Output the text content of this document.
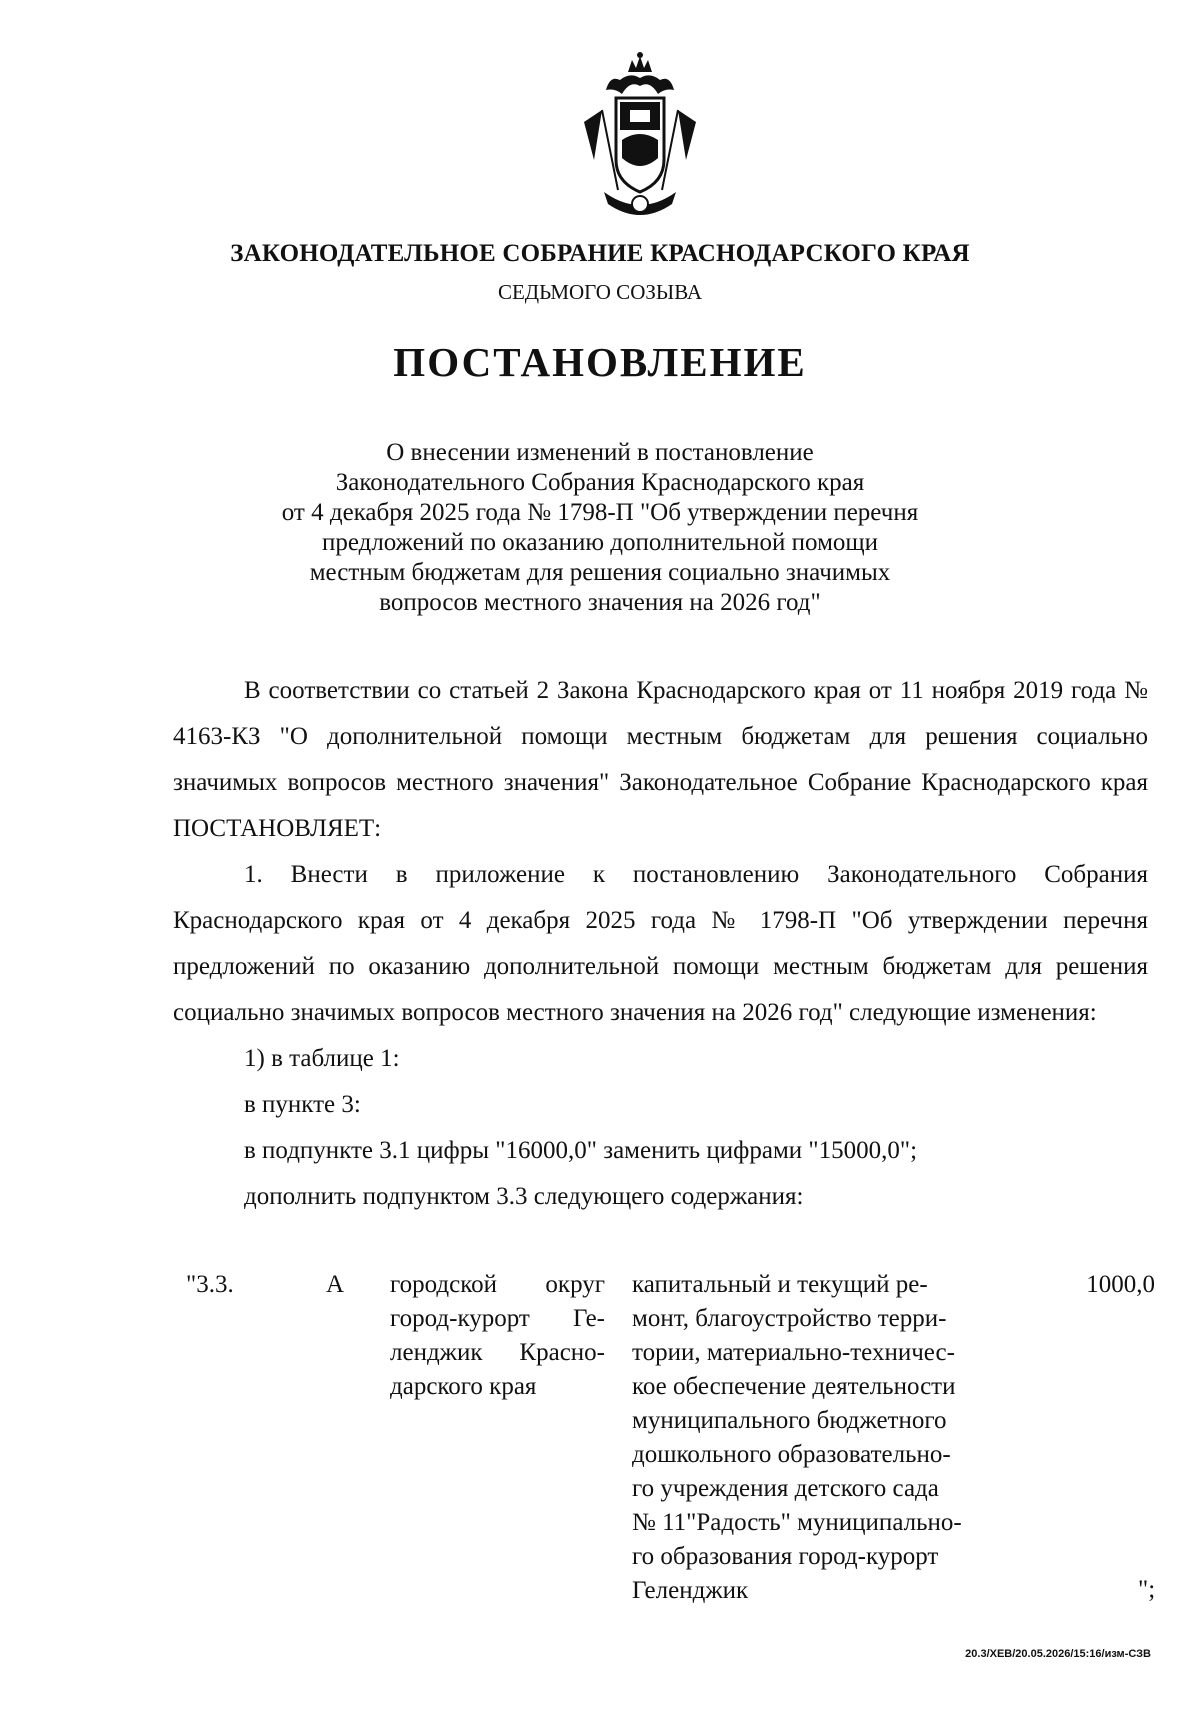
ЗАКОНОДАТЕЛЬНОЕ СОБРАНИЕ КРАСНОДАРСКОГО КРАЯ
СЕДЬМОГО СОЗЫВА
ПОСТАНОВЛЕНИЕ
О внесении изменений в постановление
Законодательного Собрания Краснодарского края
от 4 декабря 2025 года № 1798-П "Об утверждении перечня
предложений по оказанию дополнительной помощи
местным бюджетам для решения социально значимых
вопросов местного значения на 2026 год"

В соответствии со статьей 2 Закона Краснодарского края от 11 ноября 2019 года № 4163-КЗ "О дополнительной помощи местным бюджетам для решения социально значимых вопросов местного значения" Законодательное Собрание Краснодарского края ПОСТАНОВЛЯЕТ:

1. Внести в приложение к постановлению Законодательного Собрания Краснодарского края от 4 декабря 2025 года № 1798-П "Об утверждении перечня предложений по оказанию дополнительной помощи местным бюджетам для решения социально значимых вопросов местного значения на 2026 год" следующие изменения:

1) в таблице 1:

в пункте 3:

в подпункте 3.1 цифры "16000,0" заменить цифрами "15000,0";

дополнить подпунктом 3.3 следующего содержания:

"3.3.	А городской округ
город-курорт Ге-
ленджик Красно-
дарского края
капитальный и текущий ре-
монт, благоустройство терри-
тории, материально-техничес-
кое обеспечение деятельности
муниципального бюджетного
дошкольного образовательно-
го учреждения детского сада
№ 11"Радость" муниципально-
го образования город-курорт
Геленджик
1000,0
";
20.3/ХЕВ/20.05.2026/15:16/изм-СЗВ
